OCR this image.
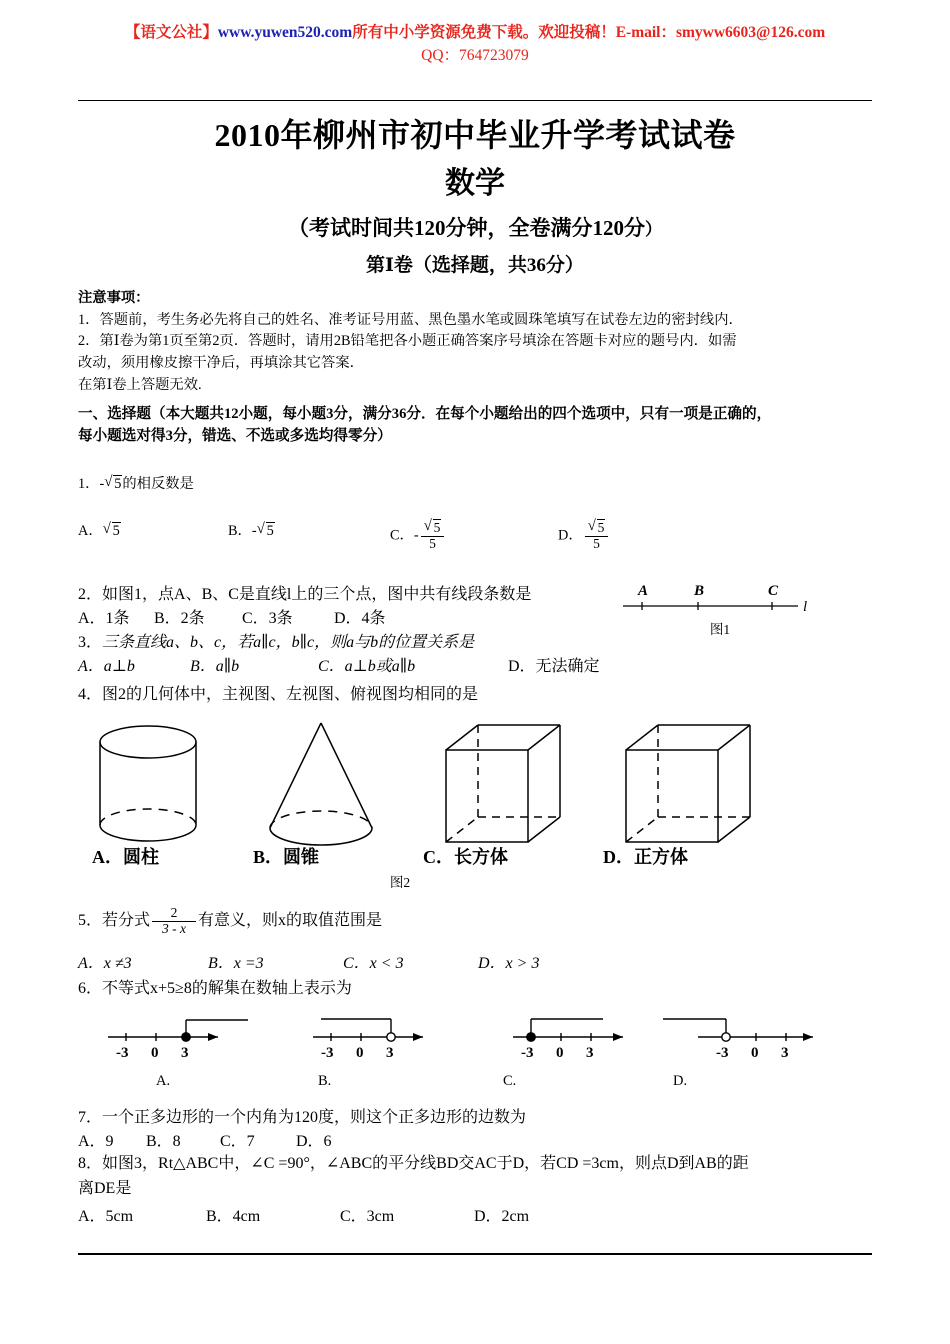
【语文公社】www.yuwen520.com所有中小学资源免费下载。欢迎投稿！E-mail：smyww6603@126.com
QQ：764723079
2010年柳州市初中毕业升学考试试卷
数学
（考试时间共120分钟，全卷满分120分）
第Ⅰ卷（选择题，共36分）
注意事项：
1．答题前，考生务必先将自己的姓名、准考证号用蓝、黑色墨水笔或圆珠笔填写在试卷左边的密封线内．
2．第Ⅰ卷为第1页至第2页．答题时，请用2B铅笔把各小题正确答案序号填涂在答题卡对应的题号内．如需
改动，须用橡皮擦干净后，再填涂其它答案．
在第Ⅰ卷上答题无效.
一、选择题（本大题共12小题，每小题3分，满分36分．在每个小题给出的四个选项中，只有一项是正确的，
每小题选对得3分，错选、不选或多选均得零分）
1．- √ 5的相反数是
A． √ 5	B．- √ 5	C．- √ $\frac{5}{5}$	D． √ $\frac{5}{5}$
2．如图1，点A、B、C是直线l上的三个点，图中共有线段条数是
A．1条 B．2条 C．3条	D．4条
A	B	C
l
图1
3．三条直线a、b、c，若a∥c，b∥c，则a与b的位置关系是
A．a⊥b	B．a∥b	C．a⊥b或a∥b	D．无法确定
4．图2的几何体中，主视图、左视图、俯视图均相同的是
A．圆柱	B．圆锥	C．长方体	D．正方体
图2
5．若分式 $\frac{2}{3 - x}$ 有意义，则x的取值范围是
A．x ≠3	B．x =3	C．x < 3	D．x > 3
6．不等式x+5≥8的解集在数轴上表示为
-3 0 3	-3 0 3	-3 0 3	-3 0 3
A.	B.	C.	D.
7．一个正多边形的一个内角为120度，则这个正多边形的边数为
A．9 B．8 C．7	D．6
8．如图3，Rt△ABC中，∠C =90°，∠ABC的平分线BD交AC于D，若CD =3cm，则点D到AB的距
离DE是
A．5cm	B．4cm	C．3cm	D．2cm
